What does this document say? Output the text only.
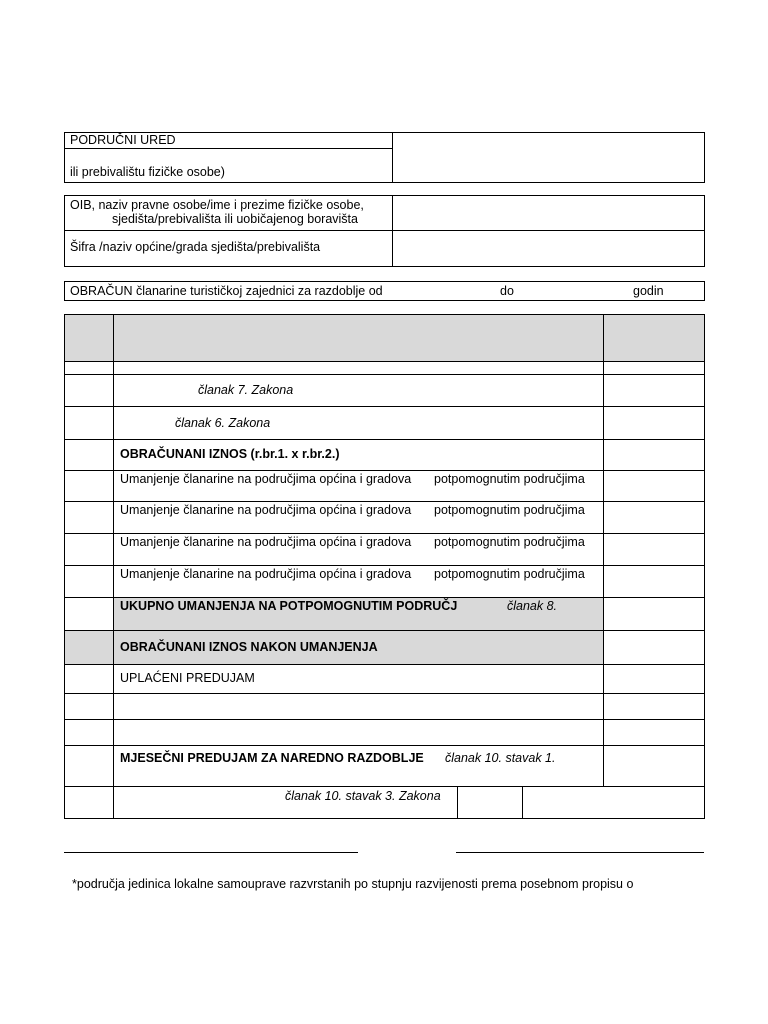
PODRUČNI URED
ili prebivalištu fizičke osobe)
OIB, naziv pravne osobe/ime i prezime fizičke osobe,
sjedišta/prebivališta ili uobičajenog boravišta
Šifra /naziv općine/grada sjedišta/prebivališta
OBRAČUN članarine turističkoj zajednici za razdoblje od	do	godin
članak 7. Zakona
članak 6. Zakona
OBRAČUNANI IZNOS (r.br.1. x r.br.2.)
Umanjenje članarine na područjima općina i gradova potpomognutim područjima
Umanjenje članarine na područjima općina i gradova potpomognutim područjima
Umanjenje članarine na područjima općina i gradova potpomognutim područjima
Umanjenje članarine na područjima općina i gradova potpomognutim područjima
UKUPNO UMANJENJA NA POTPOMOGNUTIM PODRUČJ	članak 8.
OBRAČUNANI IZNOS NAKON UMANJENJA
UPLAĆENI PREDUJAM
MJESEČNI PREDUJAM ZA NAREDNO RAZDOBLJE članak 10. stavak 1.
članak 10. stavak 3. Zakona
*područja jedinica lokalne samouprave razvrstanih po stupnju razvijenosti prema posebnom propisu o
